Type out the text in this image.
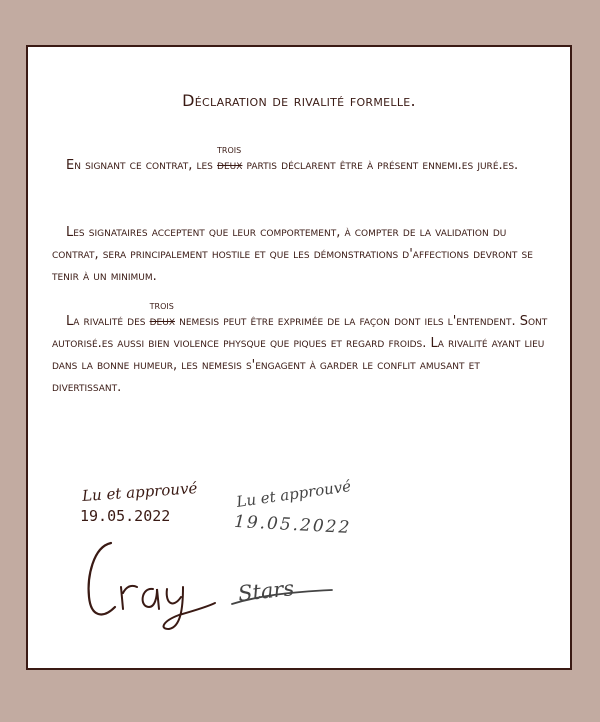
Déclaration de rivalité formelle.
En signant ce contrat, les deux
trois
partis déclarent être à présent ennemi.es juré.es.
Les signataires acceptent que leur comportement, à compter de la validation du contrat, sera principalement hostile et que les démonstrations d'affections devront se tenir à un minimum.
La rivalité des deux
trois
nemesis peut être exprimée de la façon dont iels l'entendent. Sont autorisé.es aussi bien violence physque que piques et regard froids. La rivalité ayant lieu dans la bonne humeur, les nemesis s'engagent à garder le conflit amusant et divertissant.
Lu et approuvé
19.05.2022
Lu et approuvé
19.05.2022
Stars
